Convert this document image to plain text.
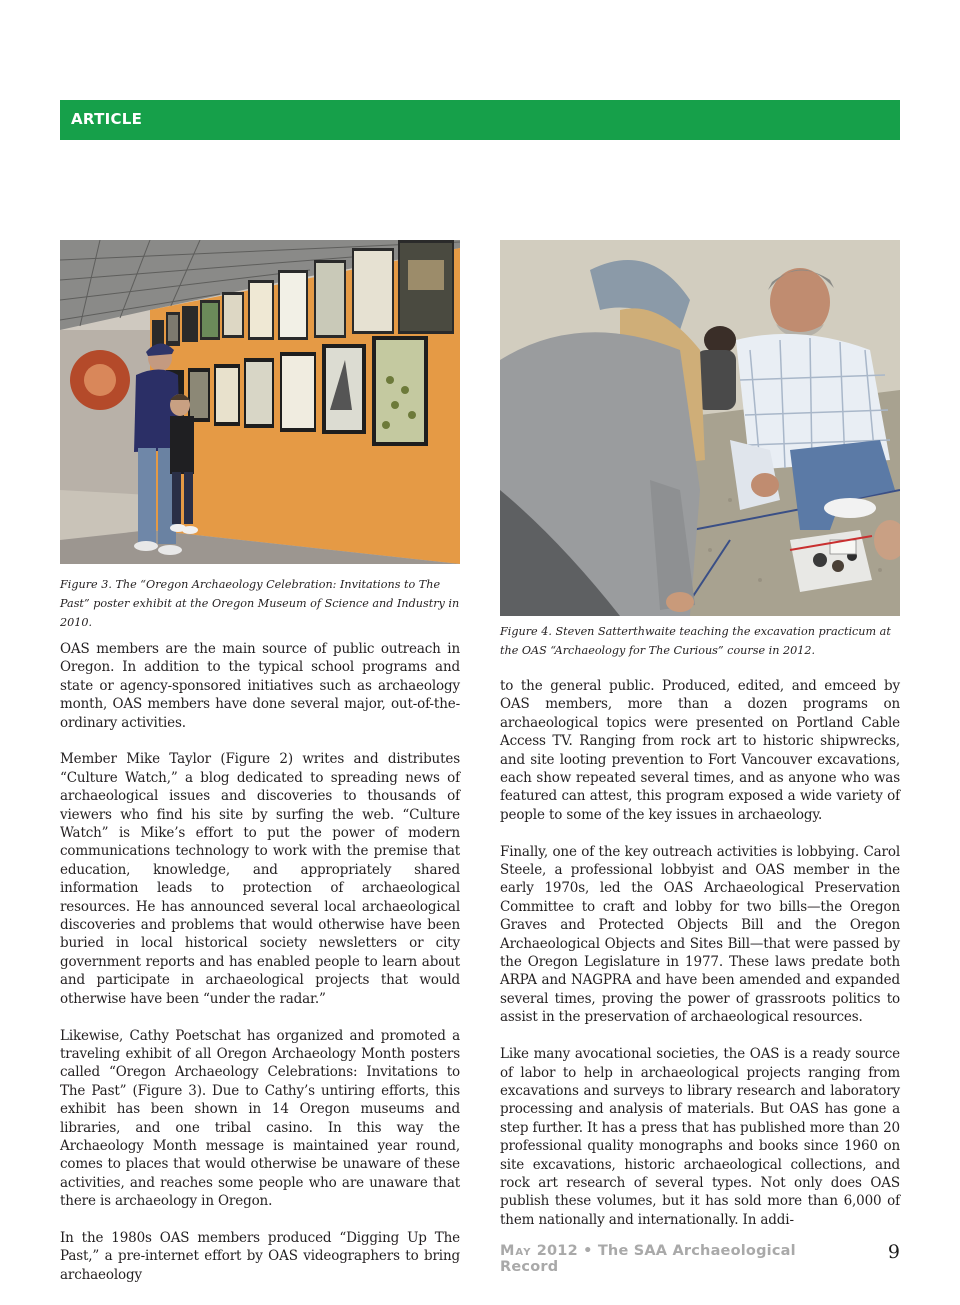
ARTICLE
Figure 3. The “Oregon Archaeology Celebration: Invitations to The Past” poster exhibit at the Oregon Museum of Science and Industry in 2010.
Figure 4. Steven Satterthwaite teaching the excavation practicum at the OAS “Archaeology for The Curious” course in 2012.

OAS members are the main source of public outreach in Oregon. In addition to the typical school programs and state or agency-sponsored initiatives such as archaeology month, OAS members have done several major, out-of-the-ordinary activities.

Member Mike Taylor (Figure 2) writes and distributes “Culture Watch,” a blog dedicated to spreading news of archaeological issues and discoveries to thousands of viewers who find his site by surfing the web. “Culture Watch” is Mike’s effort to put the power of modern communications technology to work with the premise that education, knowledge, and appropriately shared information leads to protection of archaeological resources. He has announced several local archaeological discoveries and problems that would otherwise have been buried in local historical society newsletters or city government reports and has enabled people to learn about and participate in archaeological projects that would otherwise have been “under the radar.”

Likewise, Cathy Poetschat has organized and promoted a traveling exhibit of all Oregon Archaeology Month posters called “Oregon Archaeology Celebrations: Invitations to The Past” (Figure 3). Due to Cathy’s untiring efforts, this exhibit has been shown in 14 Oregon museums and libraries, and one tribal casino. In this way the Archaeology Month message is maintained year round, comes to places that would otherwise be unaware of these activities, and reaches some people who are unaware that there is archaeology in Oregon.

In the 1980s OAS members produced “Digging Up The Past,” a pre-internet effort by OAS videographers to bring archaeology

to the general public. Produced, edited, and emceed by OAS members, more than a dozen programs on archaeological topics were presented on Portland Cable Access TV. Ranging from rock art to historic shipwrecks, and site looting prevention to Fort Vancouver excavations, each show repeated several times, and as anyone who was featured can attest, this program exposed a wide variety of people to some of the key issues in archaeology.

Finally, one of the key outreach activities is lobbying. Carol Steele, a professional lobbyist and OAS member in the early 1970s, led the OAS Archaeological Preservation Committee to craft and lobby for two bills—the Oregon Graves and Protected Objects Bill and the Oregon Archaeological Objects and Sites Bill—that were passed by the Oregon Legislature in 1977. These laws predate both ARPA and NAGPRA and have been amended and expanded several times, proving the power of grassroots politics to assist in the preservation of archaeological resources.

Like many avocational societies, the OAS is a ready source of labor to help in archaeological projects ranging from excavations and surveys to library research and laboratory processing and analysis of materials. But OAS has gone a step further. It has a press that has published more than 20 professional quality monographs and books since 1960 on site excavations, historic archaeological collections, and rock art research of several types. Not only does OAS publish these volumes, but it has sold more than 6,000 of them nationally and internationally. In addi-

May 2012 • The SAA Archaeological Record
9
